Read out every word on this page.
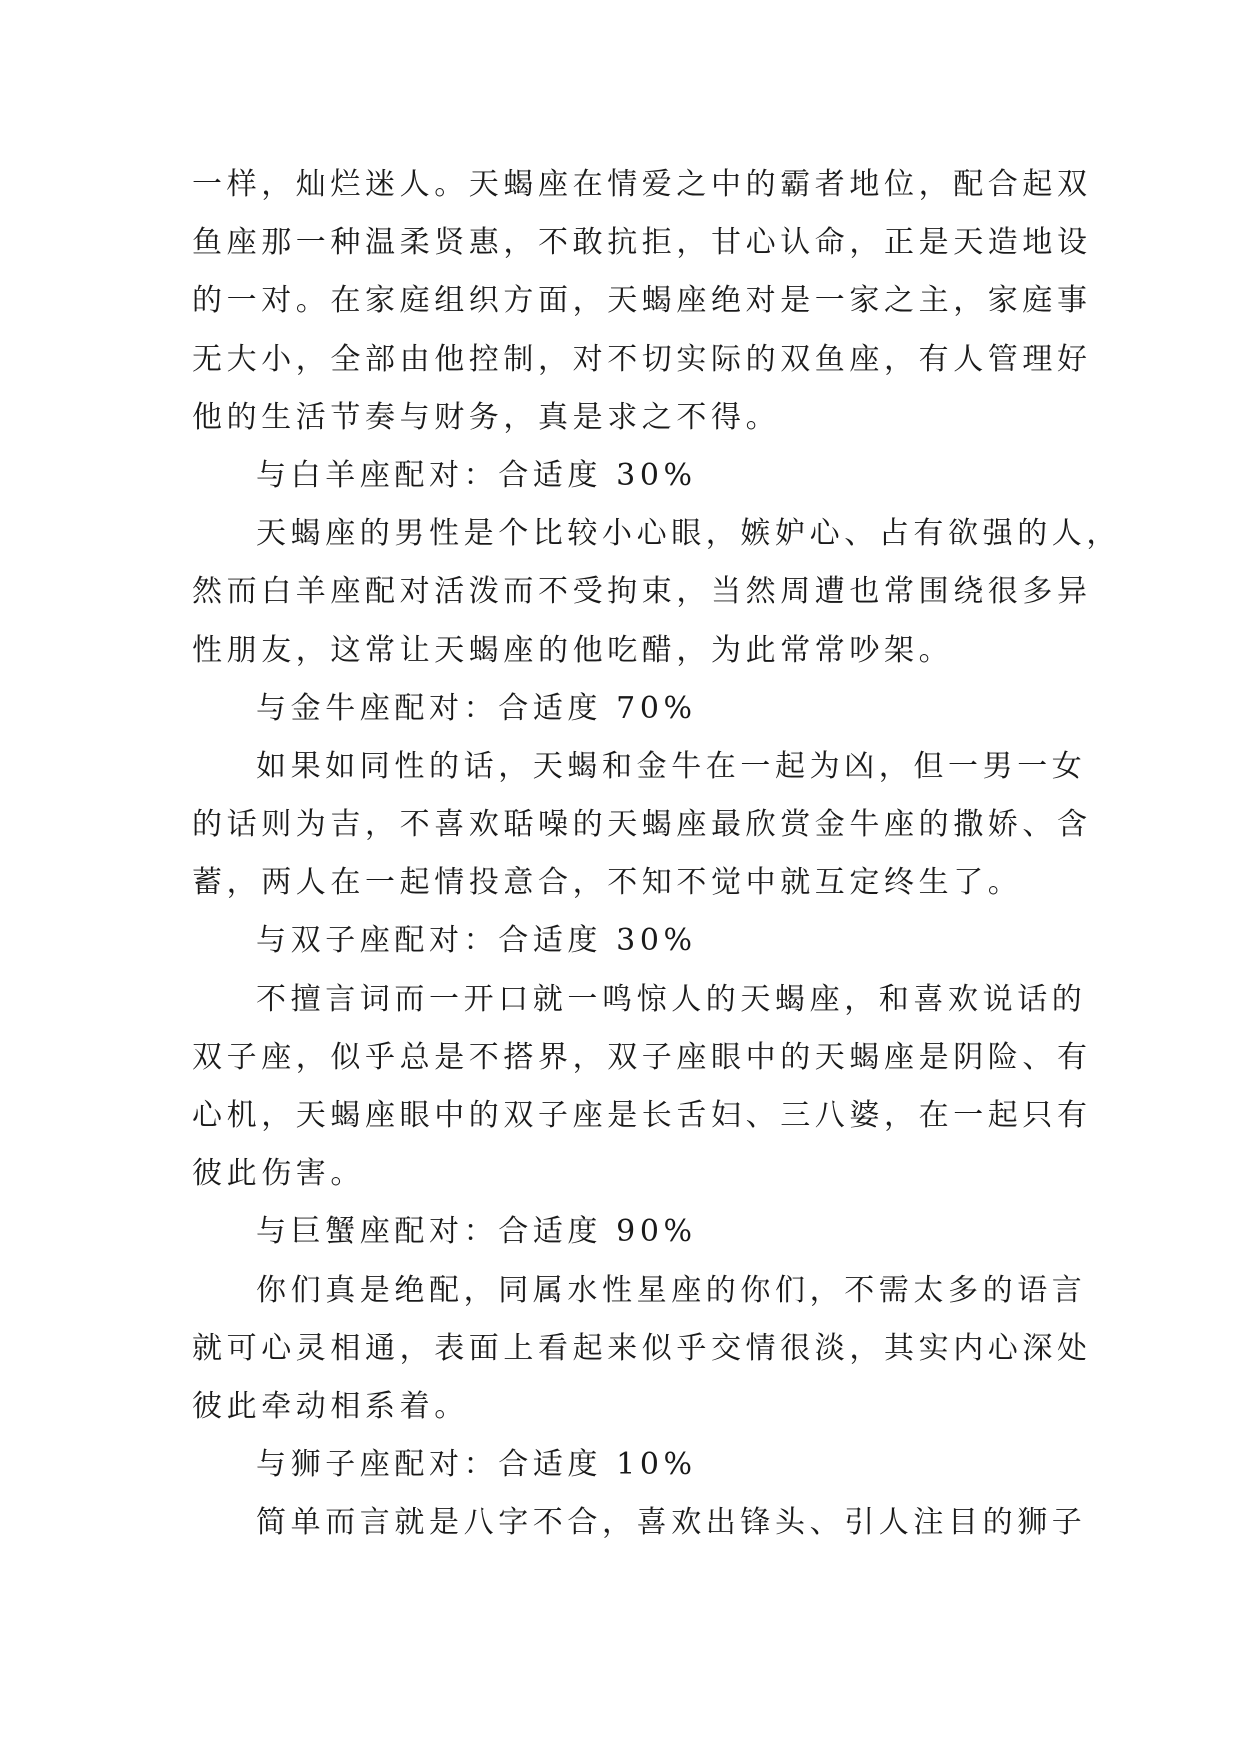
一样，灿烂迷人。天蝎座在情爱之中的霸者地位，配合起双
鱼座那一种温柔贤惠，不敢抗拒，甘心认命，正是天造地设
的一对。在家庭组织方面，天蝎座绝对是一家之主，家庭事
无大小，全部由他控制，对不切实际的双鱼座，有人管理好
他的生活节奏与财务，真是求之不得。
与白羊座配对：合适度 30%
天蝎座的男性是个比较小心眼，嫉妒心、占有欲强的人，
然而白羊座配对活泼而不受拘束，当然周遭也常围绕很多异
性朋友，这常让天蝎座的他吃醋，为此常常吵架。
与金牛座配对：合适度 70%
如果如同性的话，天蝎和金牛在一起为凶，但一男一女
的话则为吉，不喜欢聒噪的天蝎座最欣赏金牛座的撒娇、含
蓄，两人在一起情投意合，不知不觉中就互定终生了。
与双子座配对：合适度 30%
不擅言词而一开口就一鸣惊人的天蝎座，和喜欢说话的
双子座，似乎总是不搭界，双子座眼中的天蝎座是阴险、有
心机，天蝎座眼中的双子座是长舌妇、三八婆，在一起只有
彼此伤害。
与巨蟹座配对：合适度 90%
你们真是绝配，同属水性星座的你们，不需太多的语言
就可心灵相通，表面上看起来似乎交情很淡，其实内心深处
彼此牵动相系着。
与狮子座配对：合适度 10%
简单而言就是八字不合，喜欢出锋头、引人注目的狮子
